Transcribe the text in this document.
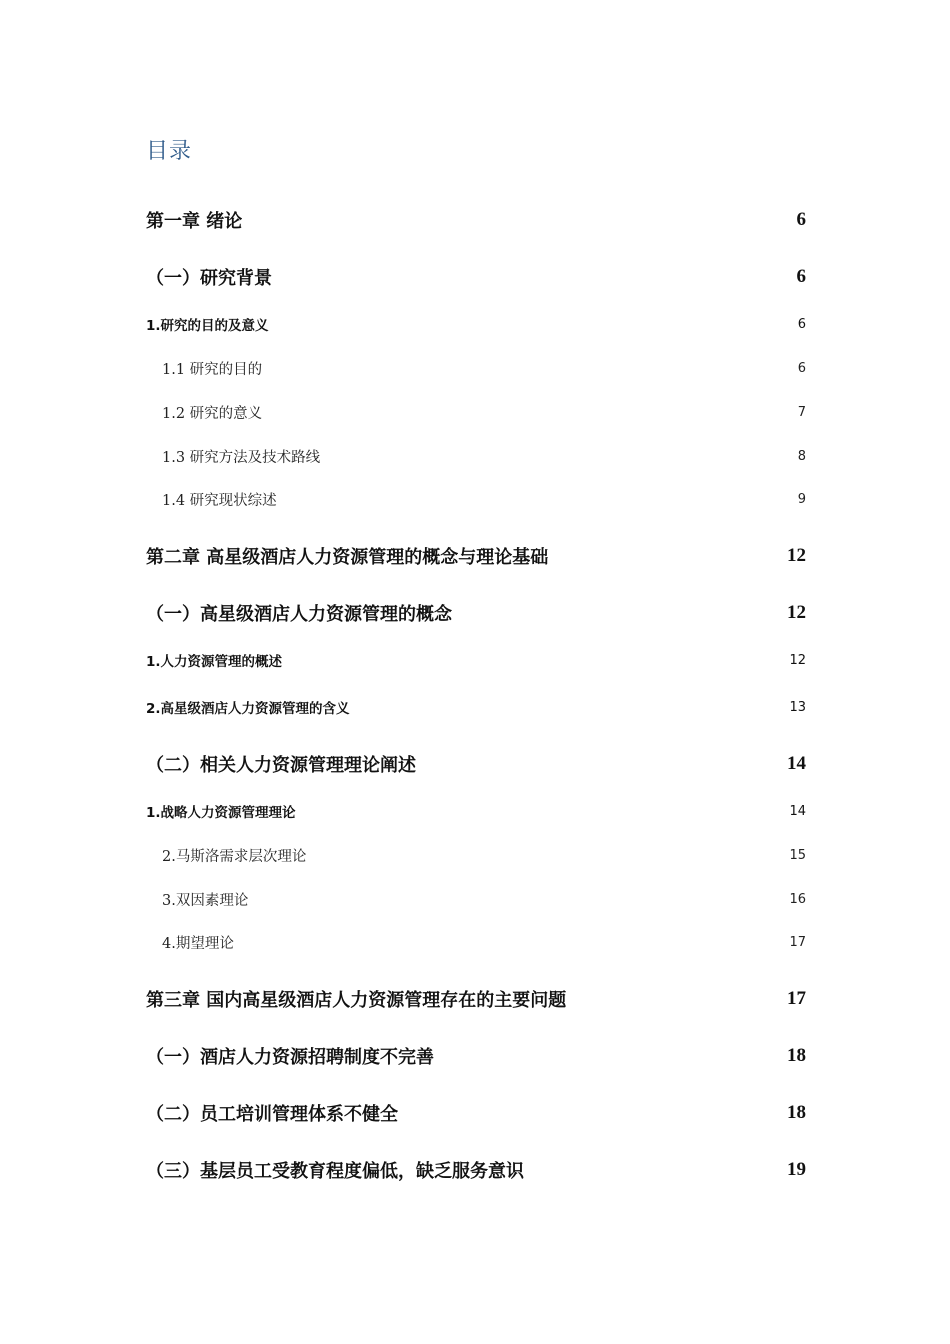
目录
第一章 绪论	6
（一）研究背景	6
1.研究的目的及意义	6
1.1 研究的目的	6
1.2 研究的意义	7
1.3 研究方法及技术路线	8
1.4 研究现状综述	9
第二章 高星级酒店人力资源管理的概念与理论基础	12
（一）高星级酒店人力资源管理的概念	12
1.人力资源管理的概述	12
2.高星级酒店人力资源管理的含义	13
（二）相关人力资源管理理论阐述	14
1.战略人力资源管理理论	14
2.马斯洛需求层次理论	15
3.双因素理论	16
4.期望理论	17
第三章 国内高星级酒店人力资源管理存在的主要问题	17
（一）酒店人力资源招聘制度不完善	18
（二）员工培训管理体系不健全	18
（三）基层员工受教育程度偏低，缺乏服务意识	19
